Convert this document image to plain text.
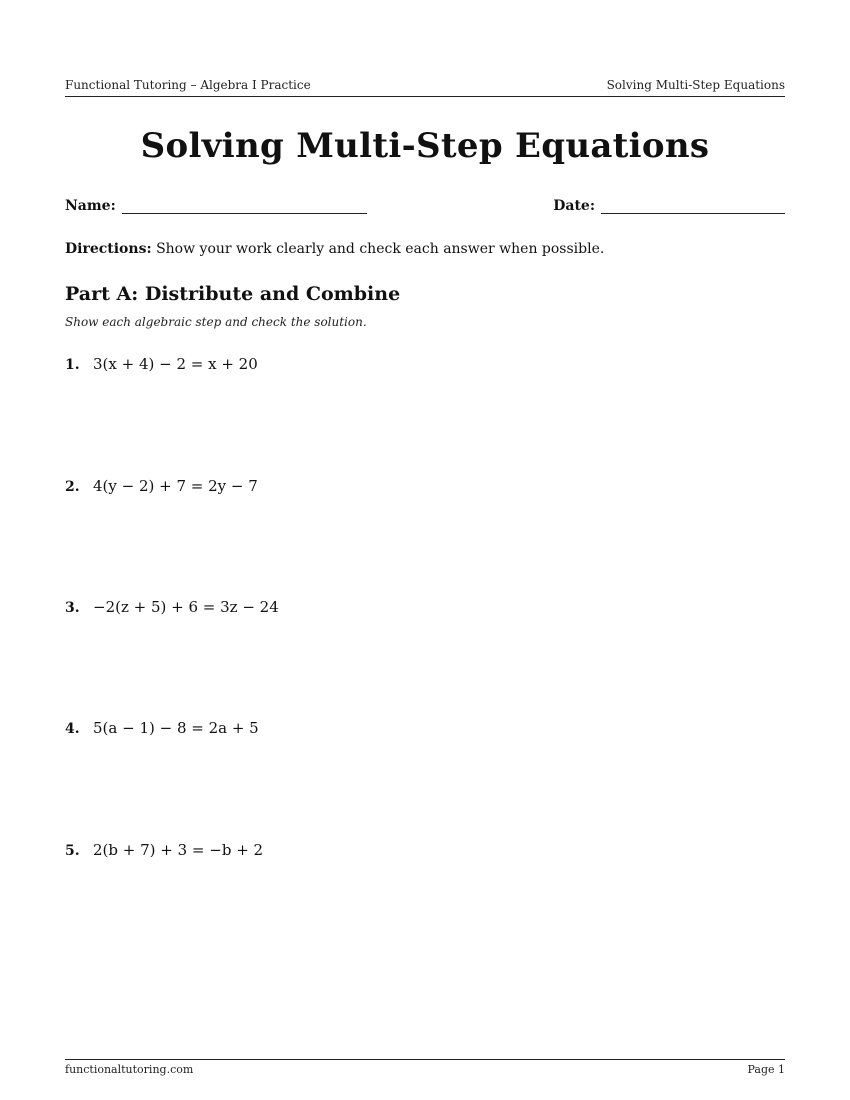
Functional Tutoring – Algebra I Practice	Solving Multi-Step Equations
Solving Multi-Step Equations
Name:	Date:
Directions: Show your work clearly and check each answer when possible.
Part A: Distribute and Combine
Show each algebraic step and check the solution.
1. 3(x + 4) − 2 = x + 20
2. 4(y − 2) + 7 = 2y − 7
3. −2(z + 5) + 6 = 3z − 24
4. 5(a − 1) − 8 = 2a + 5
5. 2(b + 7) + 3 = −b + 2
functionaltutoring.com	Page 1
